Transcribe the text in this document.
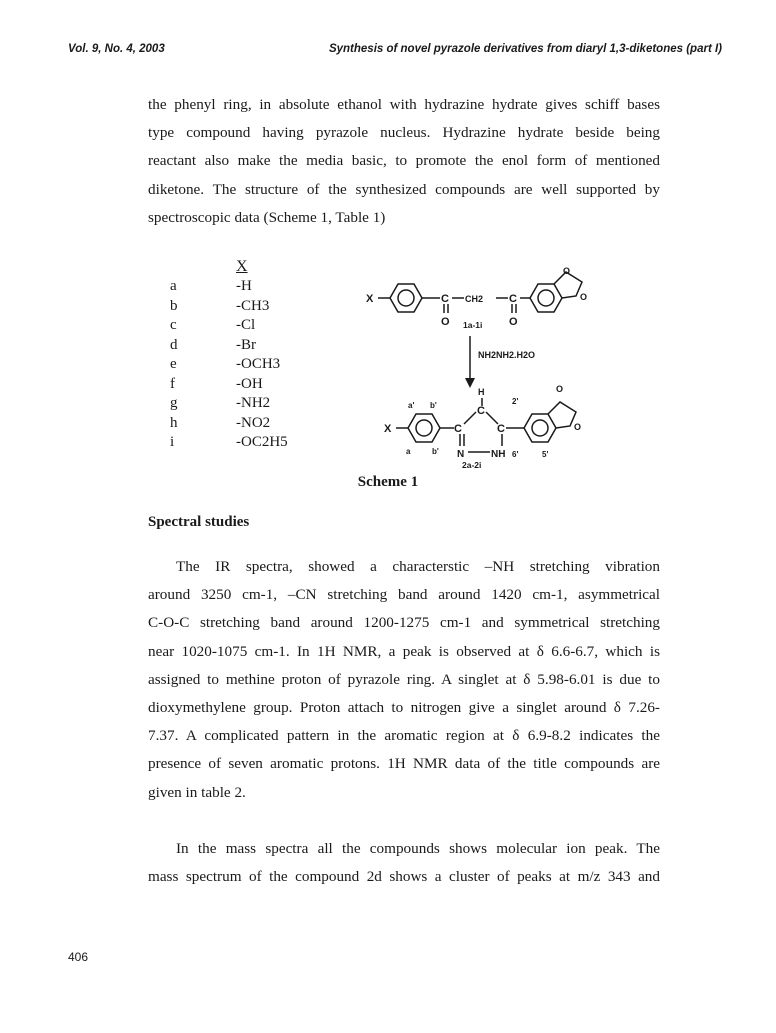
Vol. 9, No. 4, 2003	Synthesis of novel pyrazole derivatives from diaryl 1,3-diketones (part I)

the phenyl ring, in absolute ethanol with hydrazine hydrate gives schiff bases
type compound having pyrazole nucleus. Hydrazine hydrate beside being
reactant also make the media basic, to promote the enol form of mentioned
diketone. The structure of the synthesized compounds are well supported by
spectroscopic data (Scheme 1, Table 1)

X
a	-H
b	-CH3
c	-Cl
d	-Br
e	-OCH3
f	-OH
g	-NH2
h	-NO2
i	-OC2H5
X	C CH2 C
O	O
1a-1i
O
O
NH2NH2.H2O
X
a' b'
a	b'
H
C
C
C
N	NH
2'
6'	5'
O
O
2a-2i
Scheme 1
Spectral studies

The IR spectra, showed a characterstic –NH stretching vibration
around 3250 cm-1, –CN stretching band around 1420 cm-1, asymmetrical
C-O-C stretching band around 1200-1275 cm-1 and symmetrical stretching
near 1020-1075 cm-1. In 1H NMR, a peak is observed at δ 6.6-6.7, which is
assigned to methine proton of pyrazole ring. A singlet at δ 5.98-6.01 is due to
dioxymethylene group. Proton attach to nitrogen give a singlet around δ 7.26-
7.37. A complicated pattern in the aromatic region at δ 6.9-8.2 indicates the
presence of seven aromatic protons. 1H NMR data of the title compounds are
given in table 2.

In the mass spectra all the compounds shows molecular ion peak. The
mass spectrum of the compound 2d shows a cluster of peaks at m/z 343 and

406
